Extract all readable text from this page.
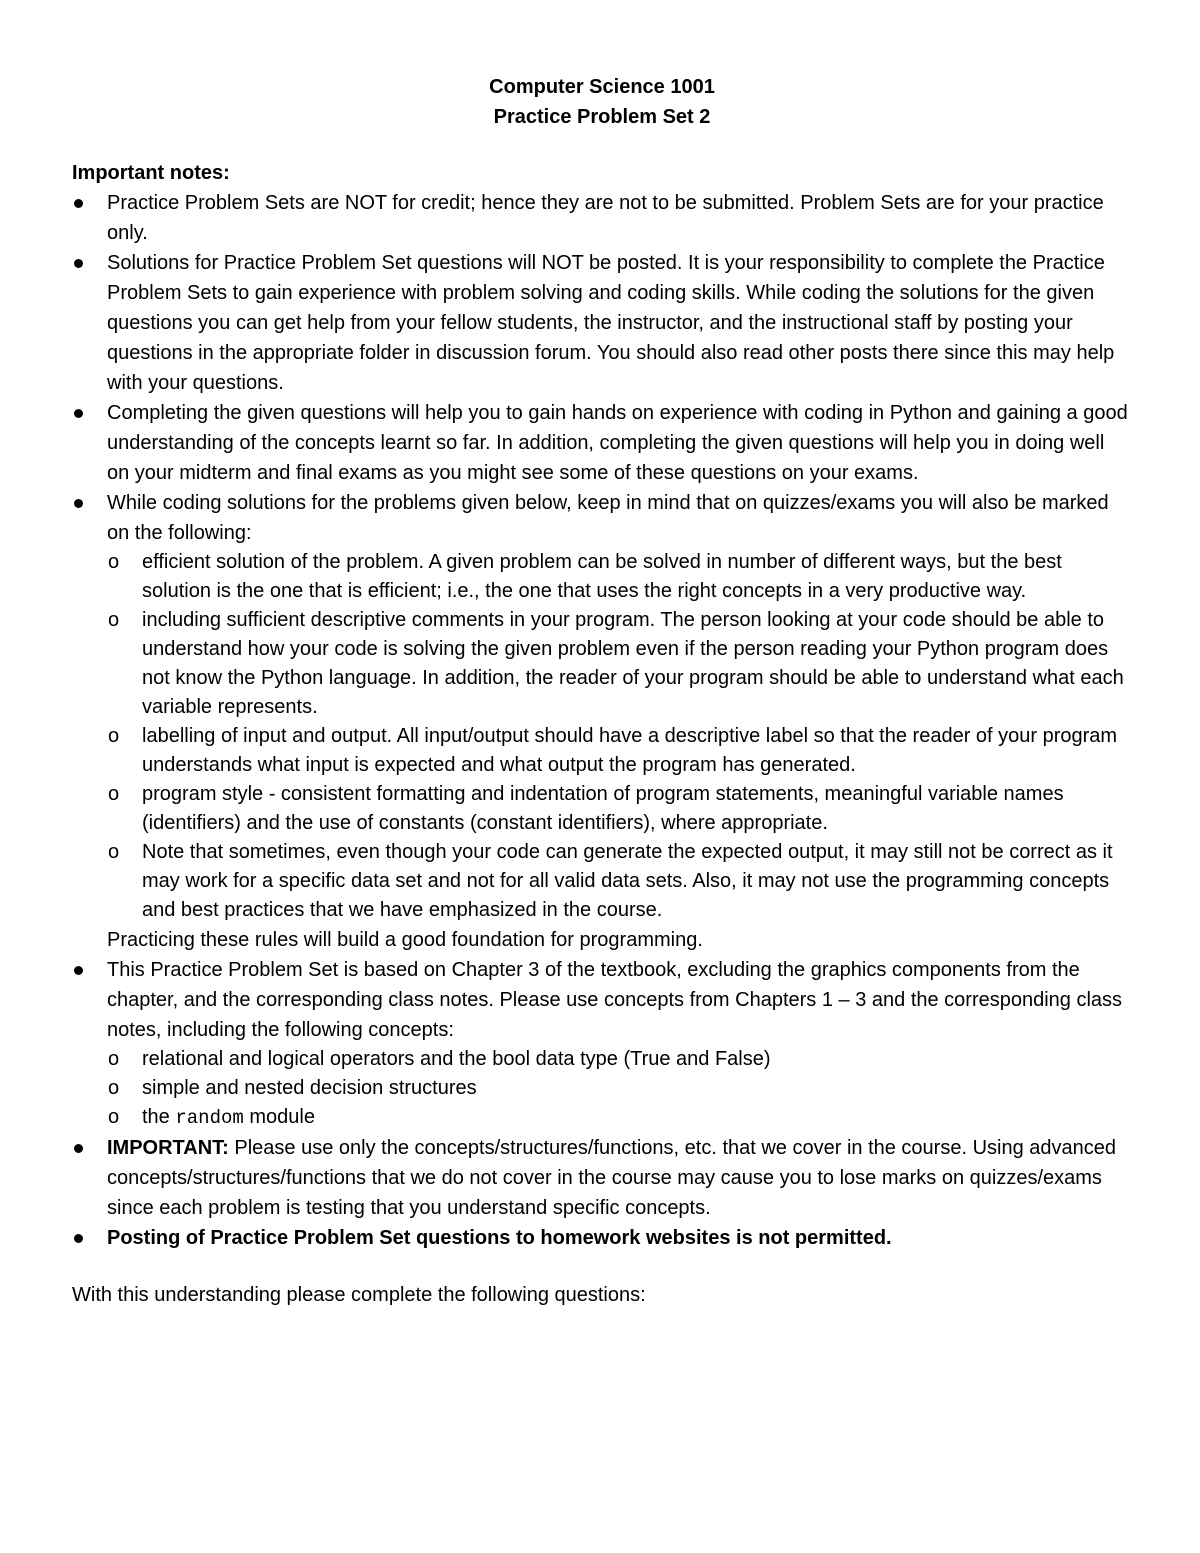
Computer Science 1001

Practice Problem Set 2

Important notes:

Practice Problem Sets are NOT for credit; hence they are not to be submitted. Problem Sets are for your practice only.
Solutions for Practice Problem Set questions will NOT be posted. It is your responsibility to complete the Practice Problem Sets to gain experience with problem solving and coding skills. While coding the solutions for the given questions you can get help from your fellow students, the instructor, and the instructional staff by posting your questions in the appropriate folder in discussion forum. You should also read other posts there since this may help with your questions.
Completing the given questions will help you to gain hands on experience with coding in Python and gaining a good understanding of the concepts learnt so far. In addition, completing the given questions will help you in doing well on your midterm and final exams as you might see some of these questions on your exams.
While coding solutions for the problems given below, keep in mind that on quizzes/exams you will also be marked on the following:
o efficient solution of the problem. A given problem can be solved in number of different ways, but the best solution is the one that is efficient; i.e., the one that uses the right concepts in a very productive way.
o including sufficient descriptive comments in your program. The person looking at your code should be able to understand how your code is solving the given problem even if the person reading your Python program does not know the Python language. In addition, the reader of your program should be able to understand what each variable represents.
o labelling of input and output. All input/output should have a descriptive label so that the reader of your program understands what input is expected and what output the program has generated.
o program style - consistent formatting and indentation of program statements, meaningful variable names (identifiers) and the use of constants (constant identifiers), where appropriate.
o Note that sometimes, even though your code can generate the expected output, it may still not be correct as it may work for a specific data set and not for all valid data sets. Also, it may not use the programming concepts and best practices that we have emphasized in the course.

Practicing these rules will build a good foundation for programming.

This Practice Problem Set is based on Chapter 3 of the textbook, excluding the graphics components from the chapter, and the corresponding class notes. Please use concepts from Chapters 1 – 3 and the corresponding class notes, including the following concepts:
o relational and logical operators and the bool data type (True and False)
o simple and nested decision structures
o the random module
IMPORTANT: Please use only the concepts/structures/functions, etc. that we cover in the course. Using advanced concepts/structures/functions that we do not cover in the course may cause you to lose marks on quizzes/exams since each problem is testing that you understand specific concepts.
Posting of Practice Problem Set questions to homework websites is not permitted.

With this understanding please complete the following questions:
